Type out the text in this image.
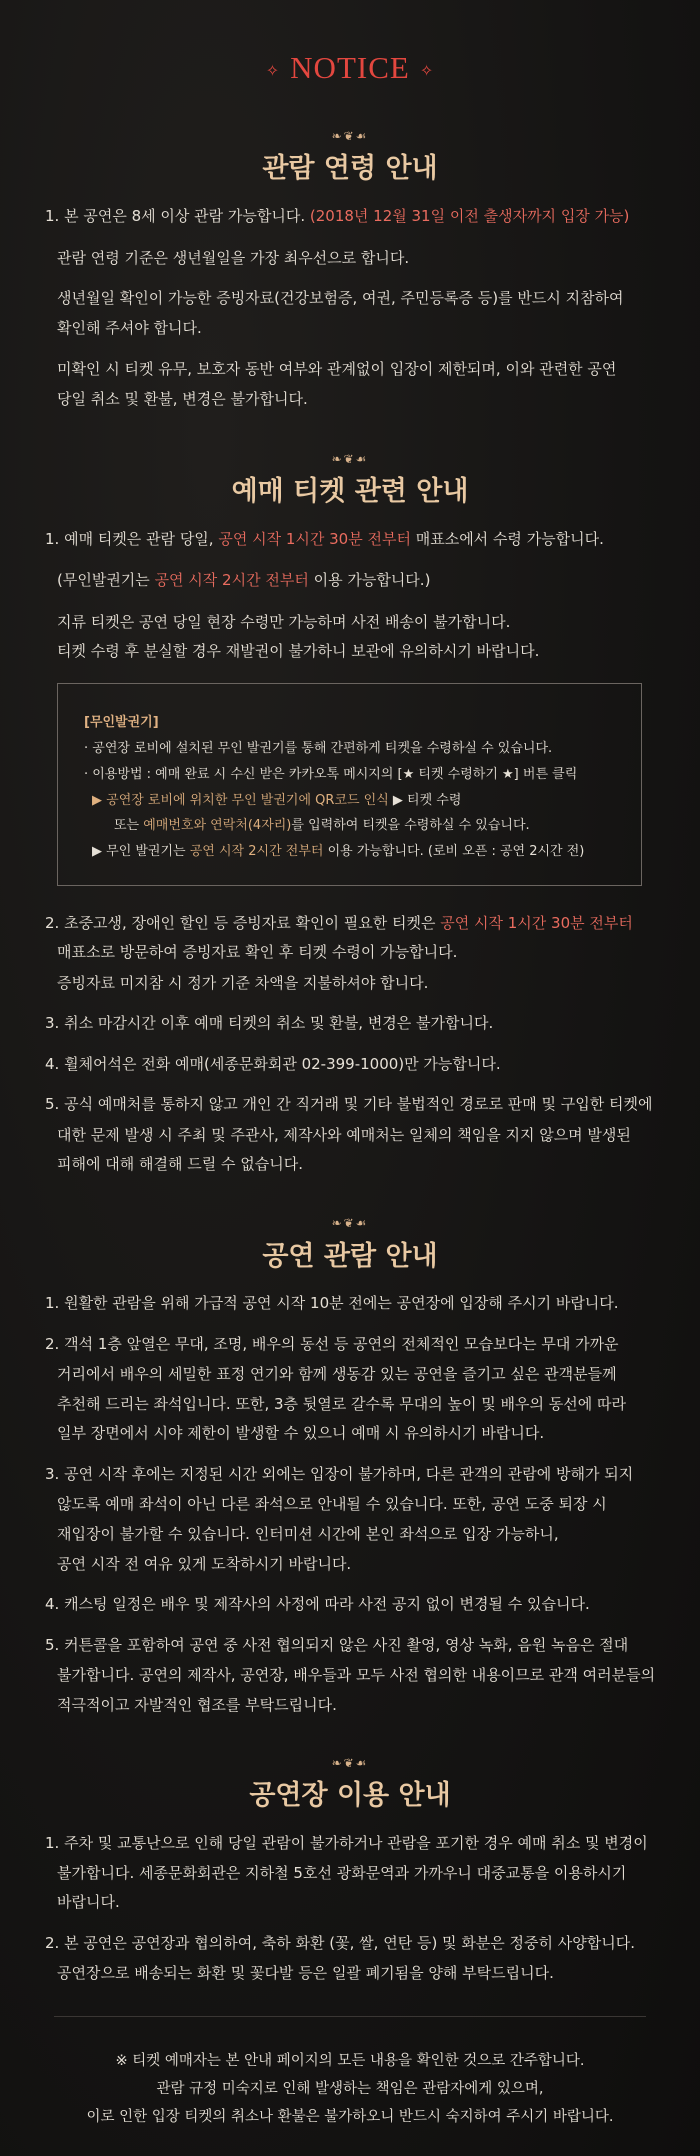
✧ NOTICE ✧
❧❦☙
관람 연령 안내
1. 본 공연은 8세 이상 관람 가능합니다. (2018년 12월 31일 이전 출생자까지 입장 가능)
관람 연령 기준은 생년월일을 가장 최우선으로 합니다.
생년월일 확인이 가능한 증빙자료(건강보험증, 여권, 주민등록증 등)를 반드시 지참하여
확인해 주셔야 합니다.
미확인 시 티켓 유무, 보호자 동반 여부와 관계없이 입장이 제한되며, 이와 관련한 공연
당일 취소 및 환불, 변경은 불가합니다.
❧❦☙
예매 티켓 관련 안내
1. 예매 티켓은 관람 당일, 공연 시작 1시간 30분 전부터 매표소에서 수령 가능합니다.
(무인발권기는 공연 시작 2시간 전부터 이용 가능합니다.)
지류 티켓은 공연 당일 현장 수령만 가능하며 사전 배송이 불가합니다.
티켓 수령 후 분실할 경우 재발권이 불가하니 보관에 유의하시기 바랍니다.
[무인발권기]
· 공연장 로비에 설치된 무인 발권기를 통해 간편하게 티켓을 수령하실 수 있습니다.
· 이용방법 : 예매 완료 시 수신 받은 카카오톡 메시지의 [★ 티켓 수령하기 ★] 버튼 클릭
▶ 공연장 로비에 위치한 무인 발권기에 QR코드 인식 ▶ 티켓 수령
또는 예매번호와 연락처(4자리)를 입력하여 티켓을 수령하실 수 있습니다.
▶ 무인 발권기는 공연 시작 2시간 전부터 이용 가능합니다. (로비 오픈 : 공연 2시간 전)
2. 초중고생, 장애인 할인 등 증빙자료 확인이 필요한 티켓은 공연 시작 1시간 30분 전부터
매표소로 방문하여 증빙자료 확인 후 티켓 수령이 가능합니다.
증빙자료 미지참 시 정가 기준 차액을 지불하셔야 합니다.
3. 취소 마감시간 이후 예매 티켓의 취소 및 환불, 변경은 불가합니다.
4. 휠체어석은 전화 예매(세종문화회관 02-399-1000)만 가능합니다.
5. 공식 예매처를 통하지 않고 개인 간 직거래 및 기타 불법적인 경로로 판매 및 구입한 티켓에
대한 문제 발생 시 주최 및 주관사, 제작사와 예매처는 일체의 책임을 지지 않으며 발생된
피해에 대해 해결해 드릴 수 없습니다.
❧❦☙
공연 관람 안내
1. 원활한 관람을 위해 가급적 공연 시작 10분 전에는 공연장에 입장해 주시기 바랍니다.
2. 객석 1층 앞열은 무대, 조명, 배우의 동선 등 공연의 전체적인 모습보다는 무대 가까운
거리에서 배우의 세밀한 표정 연기와 함께 생동감 있는 공연을 즐기고 싶은 관객분들께
추천해 드리는 좌석입니다. 또한, 3층 뒷열로 갈수록 무대의 높이 및 배우의 동선에 따라
일부 장면에서 시야 제한이 발생할 수 있으니 예매 시 유의하시기 바랍니다.
3. 공연 시작 후에는 지정된 시간 외에는 입장이 불가하며, 다른 관객의 관람에 방해가 되지
않도록 예매 좌석이 아닌 다른 좌석으로 안내될 수 있습니다. 또한, 공연 도중 퇴장 시
재입장이 불가할 수 있습니다. 인터미션 시간에 본인 좌석으로 입장 가능하니,
공연 시작 전 여유 있게 도착하시기 바랍니다.
4. 캐스팅 일정은 배우 및 제작사의 사정에 따라 사전 공지 없이 변경될 수 있습니다.
5. 커튼콜을 포함하여 공연 중 사전 협의되지 않은 사진 촬영, 영상 녹화, 음원 녹음은 절대
불가합니다. 공연의 제작사, 공연장, 배우들과 모두 사전 협의한 내용이므로 관객 여러분들의
적극적이고 자발적인 협조를 부탁드립니다.
❧❦☙
공연장 이용 안내
1. 주차 및 교통난으로 인해 당일 관람이 불가하거나 관람을 포기한 경우 예매 취소 및 변경이
불가합니다. 세종문화회관은 지하철 5호선 광화문역과 가까우니 대중교통을 이용하시기
바랍니다.
2. 본 공연은 공연장과 협의하여, 축하 화환 (꽃, 쌀, 연탄 등) 및 화분은 정중히 사양합니다.
공연장으로 배송되는 화환 및 꽃다발 등은 일괄 폐기됨을 양해 부탁드립니다.
※ 티켓 예매자는 본 안내 페이지의 모든 내용을 확인한 것으로 간주합니다.
관람 규정 미숙지로 인해 발생하는 책임은 관람자에게 있으며,
이로 인한 입장 티켓의 취소나 환불은 불가하오니 반드시 숙지하여 주시기 바랍니다.
